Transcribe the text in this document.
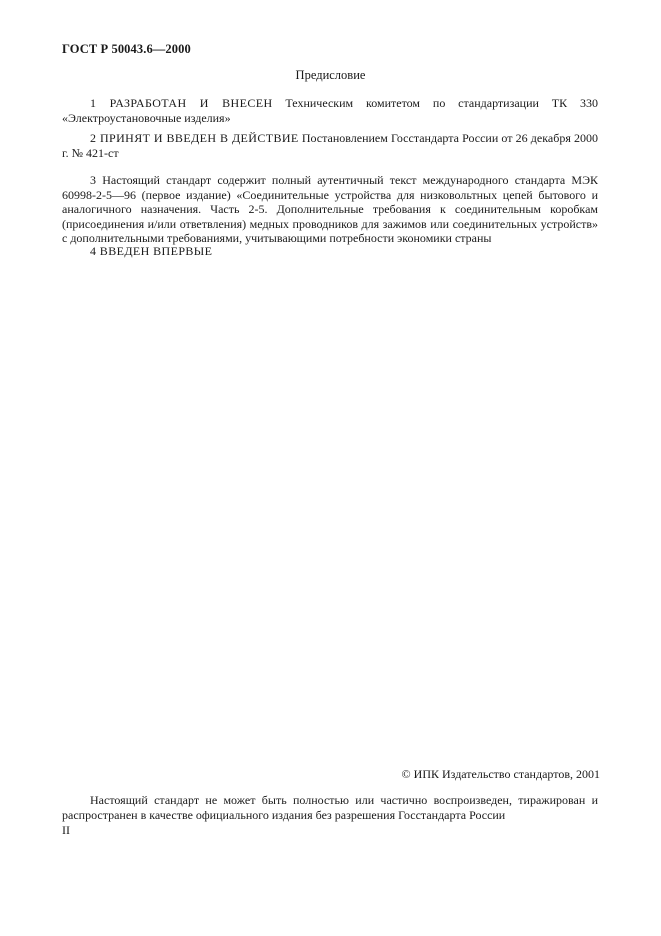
ГОСТ Р 50043.6—2000
Предисловие
1 РАЗРАБОТАН И ВНЕСЕН Техническим комитетом по стандартизации ТК 330 «Электроустановочные изделия»
2 ПРИНЯТ И ВВЕДЕН В ДЕЙСТВИЕ Постановлением Госстандарта России от 26 декабря 2000 г. № 421-ст
3 Настоящий стандарт содержит полный аутентичный текст международного стандарта МЭК 60998-2-5—96 (первое издание) «Соединительные устройства для низковольтных цепей бытового и аналогичного назначения. Часть 2-5. Дополнительные требования к соединительным коробкам (присоединения и/или ответвления) медных проводников для зажимов или соединительных устройств» с дополнительными требованиями, учитывающими потребности экономики страны
4 ВВЕДЕН ВПЕРВЫЕ
© ИПК Издательство стандартов, 2001
Настоящий стандарт не может быть полностью или частично воспроизведен, тиражирован и распространен в качестве официального издания без разрешения Госстандарта России
II
